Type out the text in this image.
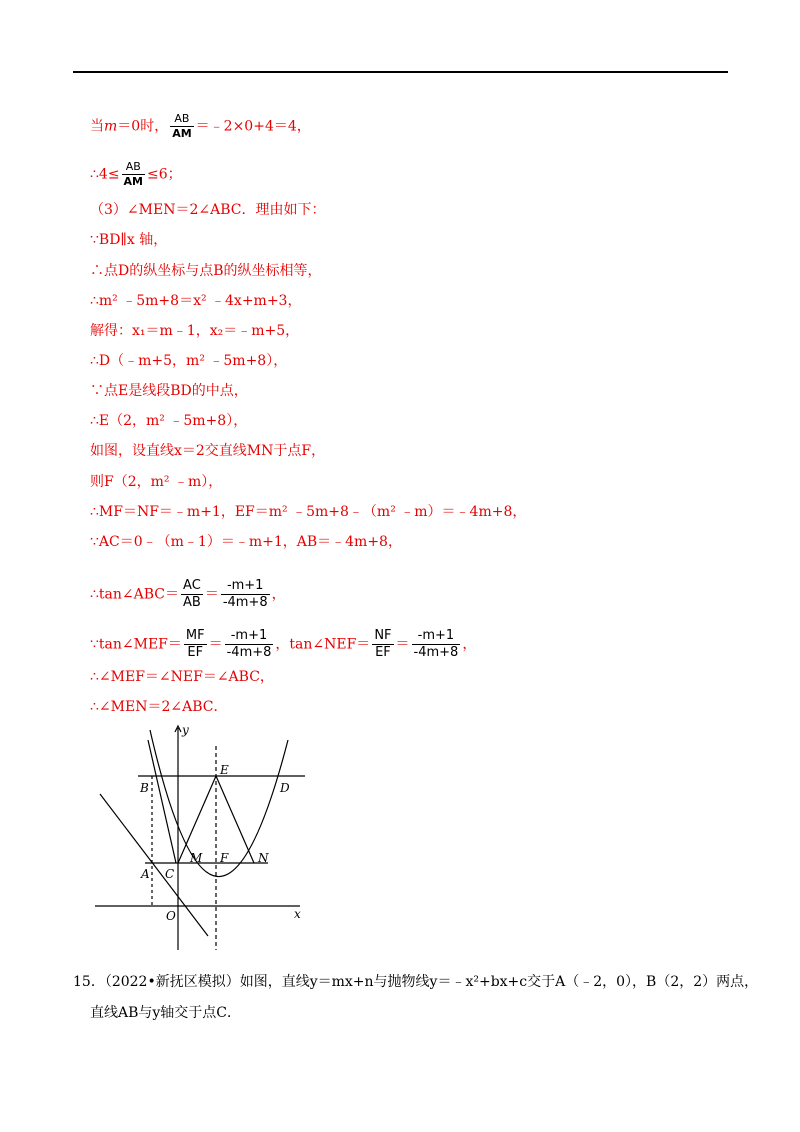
当m＝0时， $\frac{AB}{AM}$ ＝﹣2×0+4＝4，
∴4≤ $\frac{AB}{AM} \le 6$；
（3）∠MEN＝2∠ABC．理由如下：
∵BD∥x 轴，
∴点D的纵坐标与点B的纵坐标相等，
∴m² ﹣5m+8＝x² ﹣4x+m+3，
解得：x₁＝m﹣1，x₂＝﹣m+5，
∴D（﹣m+5，m² ﹣5m+8），
∵点E是线段BD的中点，
∴E（2，m² ﹣5m+8），
如图，设直线x＝2交直线MN于点F，
则F（2，m² ﹣m），
∴MF＝NF＝﹣m+1，EF＝m² ﹣5m+8﹣（m² ﹣m）＝﹣4m+8，
∵AC＝0﹣（m﹣1）＝﹣m+1，AB＝﹣4m+8，
∴tan∠ABC＝ $\frac{AC}{AB} = \frac{-m+1}{-4m+8}$ ，
∵tan∠MEF＝ $\frac{MF}{EF} = \frac{-m+1}{-4m+8}$ ，tan∠NEF＝ $\frac{NF}{EF} = \frac{-m+1}{-4m+8}$ ，
∴∠MEF＝∠NEF＝∠ABC，
∴∠MEN＝2∠ABC．
y
x
E
B	D
M F N
A C
O
15．（2022•新抚区模拟）如图，直线y＝mx+n与抛物线y＝﹣x²+bx+c交于A（﹣2，0），B（2，2）两点，
直线AB与y轴交于点C．
